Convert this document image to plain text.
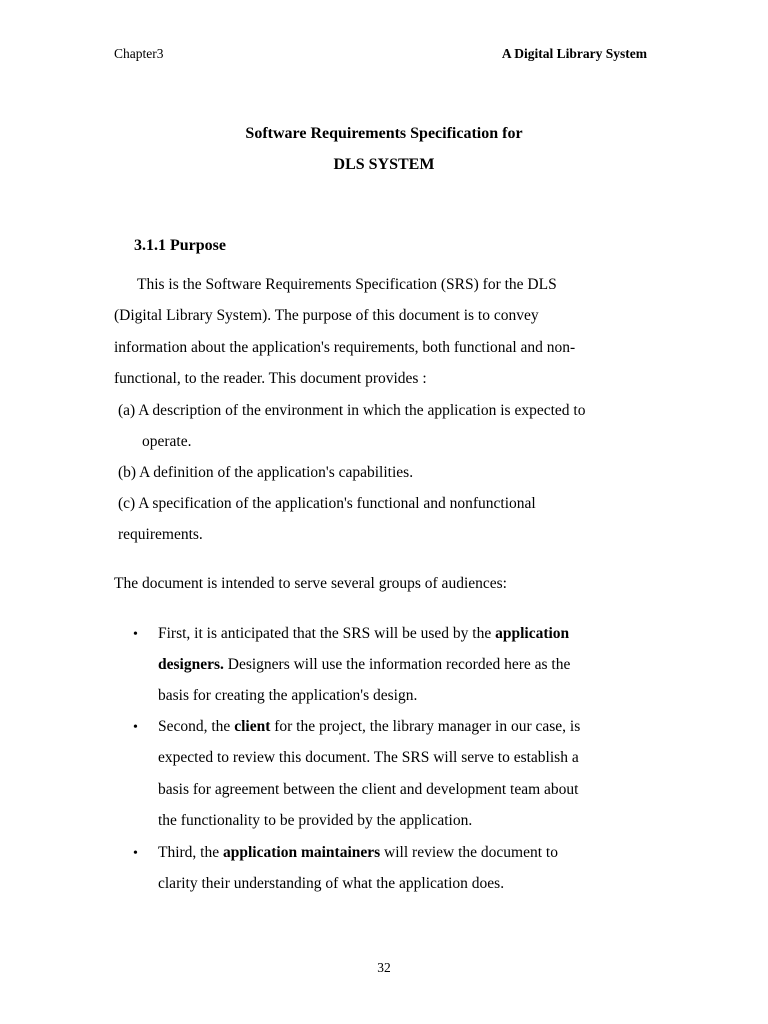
Chapter3	A Digital Library System
Software Requirements Specification for
DLS SYSTEM
3.1.1 Purpose
This is the Software Requirements Specification (SRS) for the DLS
(Digital Library System). The purpose of this document is to convey
information about the application's requirements, both functional and non-
functional, to the reader. This document provides :
(a) A description of the environment in which the application is expected to
operate.
(b) A definition of the application's capabilities.
(c) A specification of the application's functional and nonfunctional
requirements.
The document is intended to serve several groups of audiences:
• First, it is anticipated that the SRS will be used by the application
designers. Designers will use the information recorded here as the
basis for creating the application's design.
• Second, the client for the project, the library manager in our case, is
expected to review this document. The SRS will serve to establish a
basis for agreement between the client and development team about
the functionality to be provided by the application.
• Third, the application maintainers will review the document to
clarity their understanding of what the application does.
32
